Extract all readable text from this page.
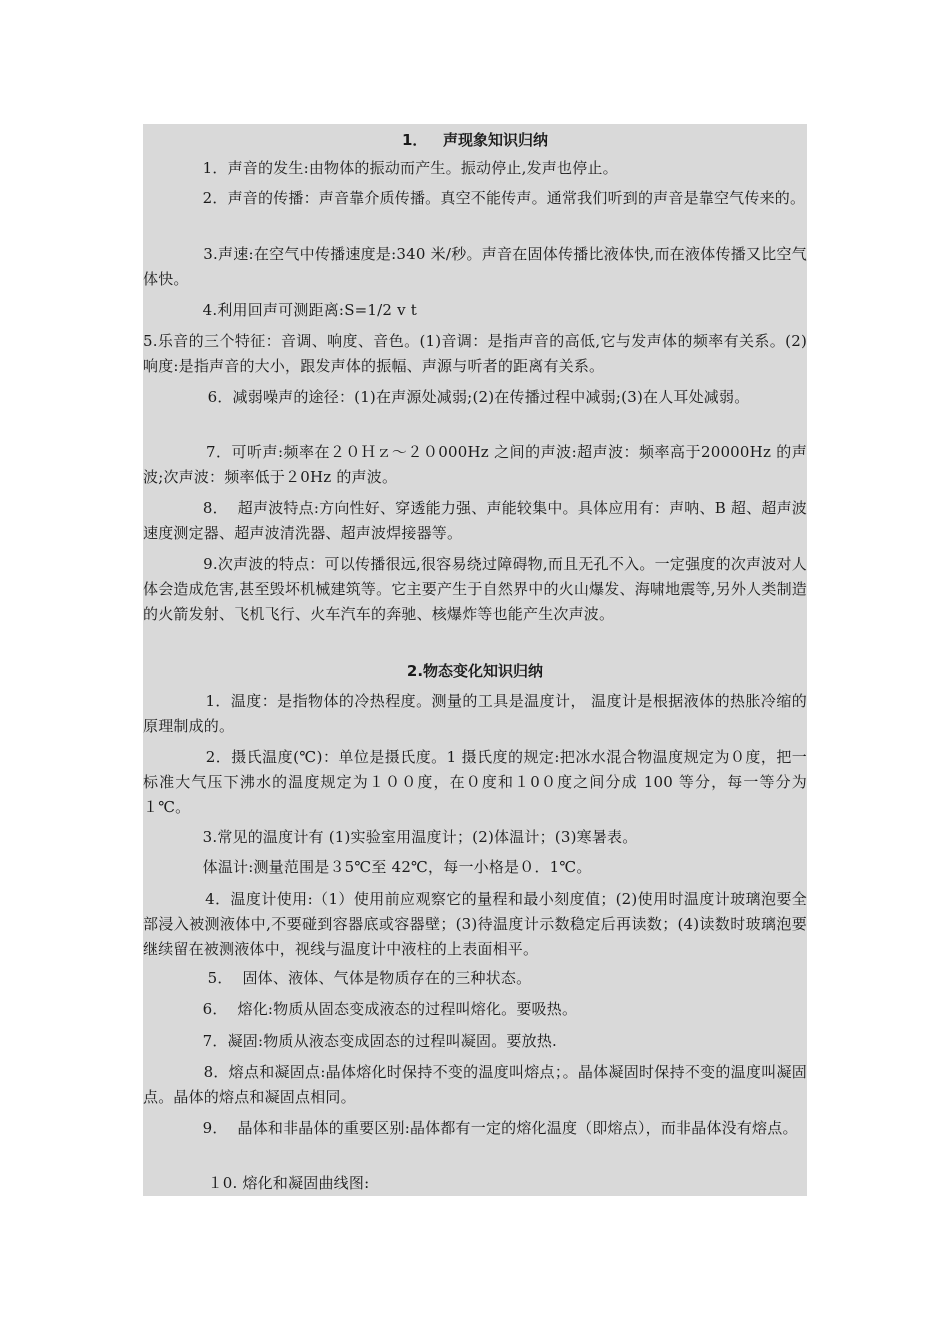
1．   声现象知识归纳
1．声音的发生:由物体的振动而产生。振动停止,发声也停止。
2．声音的传播：声音靠介质传播。真空不能传声。通常我们听到的声音是靠空气传来的。
3.声速:在空气中传播速度是:340 米/秒。声音在固体传播比液体快,而在液体传播又比空气体快。
4.利用回声可测距离:S=1/2 v t
5.乐音的三个特征：音调、响度、音色。(1)音调：是指声音的高低,它与发声体的频率有关系。(2)响度:是指声音的大小，跟发声体的振幅、声源与听者的距离有关系。
6．减弱噪声的途径：(1)在声源处减弱;(2)在传播过程中减弱;(3)在人耳处减弱。
7．可听声:频率在２０Ｈｚ～２０000Hz 之间的声波:超声波：频率高于20000Hz 的声波;次声波：频率低于２0Hz 的声波。
8．  超声波特点:方向性好、穿透能力强、声能较集中。具体应用有：声呐、B 超、超声波速度测定器、超声波清洗器、超声波焊接器等。
9.次声波的特点：可以传播很远,很容易绕过障碍物,而且无孔不入。一定强度的次声波对人体会造成危害,甚至毁坏机械建筑等。它主要产生于自然界中的火山爆发、海啸地震等,另外人类制造的火箭发射、飞机飞行、火车汽车的奔驰、核爆炸等也能产生次声波。
2.物态变化知识归纳
1．温度：是指物体的冷热程度。测量的工具是温度计， 温度计是根据液体的热胀冷缩的原理制成的。
2．摄氏温度(℃)：单位是摄氏度。1 摄氏度的规定:把冰水混合物温度规定为０度，把一标准大气压下沸水的温度规定为１００度，在０度和１0０度之间分成 100 等分，每一等分为１℃。
3.常见的温度计有 (1)实验室用温度计；(2)体温计；(3)寒暑表。
体温计:测量范围是３5℃至 42℃，每一小格是０．1℃。
4．温度计使用:（1）使用前应观察它的量程和最小刻度值；(2)使用时温度计玻璃泡要全部浸入被测液体中,不要碰到容器底或容器壁；(3)待温度计示数稳定后再读数；(4)读数时玻璃泡要继续留在被测液体中，视线与温度计中液柱的上表面相平。
5．  固体、液体、气体是物质存在的三种状态。
6．  熔化:物质从固态变成液态的过程叫熔化。要吸热。
7．凝固:物质从液态变成固态的过程叫凝固。要放热.
8．熔点和凝固点:晶体熔化时保持不变的温度叫熔点；。晶体凝固时保持不变的温度叫凝固点。晶体的熔点和凝固点相同。
9．  晶体和非晶体的重要区别:晶体都有一定的熔化温度（即熔点），而非晶体没有熔点。
１0. 熔化和凝固曲线图:
